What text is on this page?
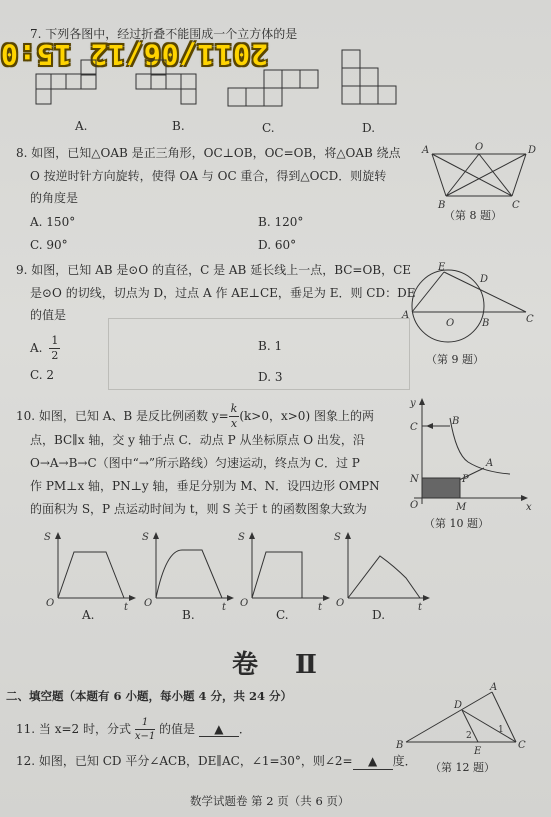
2011/06/12 15:0
7. 下列各图中，经过折叠不能围成一个立方体的是
A.	B.	C.	D.
8. 如图，已知△OAB 是正三角形，OC⊥OB，OC=OB，将△OAB 绕点
O 按逆时针方向旋转，使得 OA 与 OC 重合，得到△OCD．则旋转
的角度是
A. 150°	B. 120°
C. 90°	D. 60°
A	O	D
B	C
（第 8 题）
9. 如图，已知 AB 是⊙O 的直径，C 是 AB 延长线上一点，BC=OB，CE
是⊙O 的切线，切点为 D，过点 A 作 AE⊥CE，垂足为 E．则 CD：DE
的值是
A. $\frac{1}{2}$	B. 1
C. 2	D. 3
E
D
A
O	B	C
（第 9 题）
10. 如图，已知 A、B 是反比例函数 $y= \frac{k}{x} (k>0$，x>0) 图象上的两
点，BC∥x 轴，交 y 轴于点 C．动点 P 从坐标原点 O 出发，沿
O→A→B→C（图中“→”所示路线）匀速运动，终点为 C．过 P
作 PM⊥x 轴，PN⊥y 轴，垂足分别为 M、N．设四边形 OMPN
的面积为 S，P 点运动时间为 t，则 S 关于 t 的函数图象大致为
y
C
B
N	P
A
O	M	x
（第 10 题）
S
O	t
S
O	t
S
O	t
S
O	t
A.	B.	C.	D.
卷 Ⅱ
二、填空题（本题有 6 小题，每小题 4 分，共 24 分）
11. 当 x=2 时，分式 $\frac{1}{x-1}$ 的值是 ▲ ．
12. 如图，已知 CD 平分∠ACB，DE∥AC，∠1=30°，则∠2= ▲ 度．
A
D
1
2
B
E
C
（第 12 题）
数学试题卷 第 2 页（共 6 页）
